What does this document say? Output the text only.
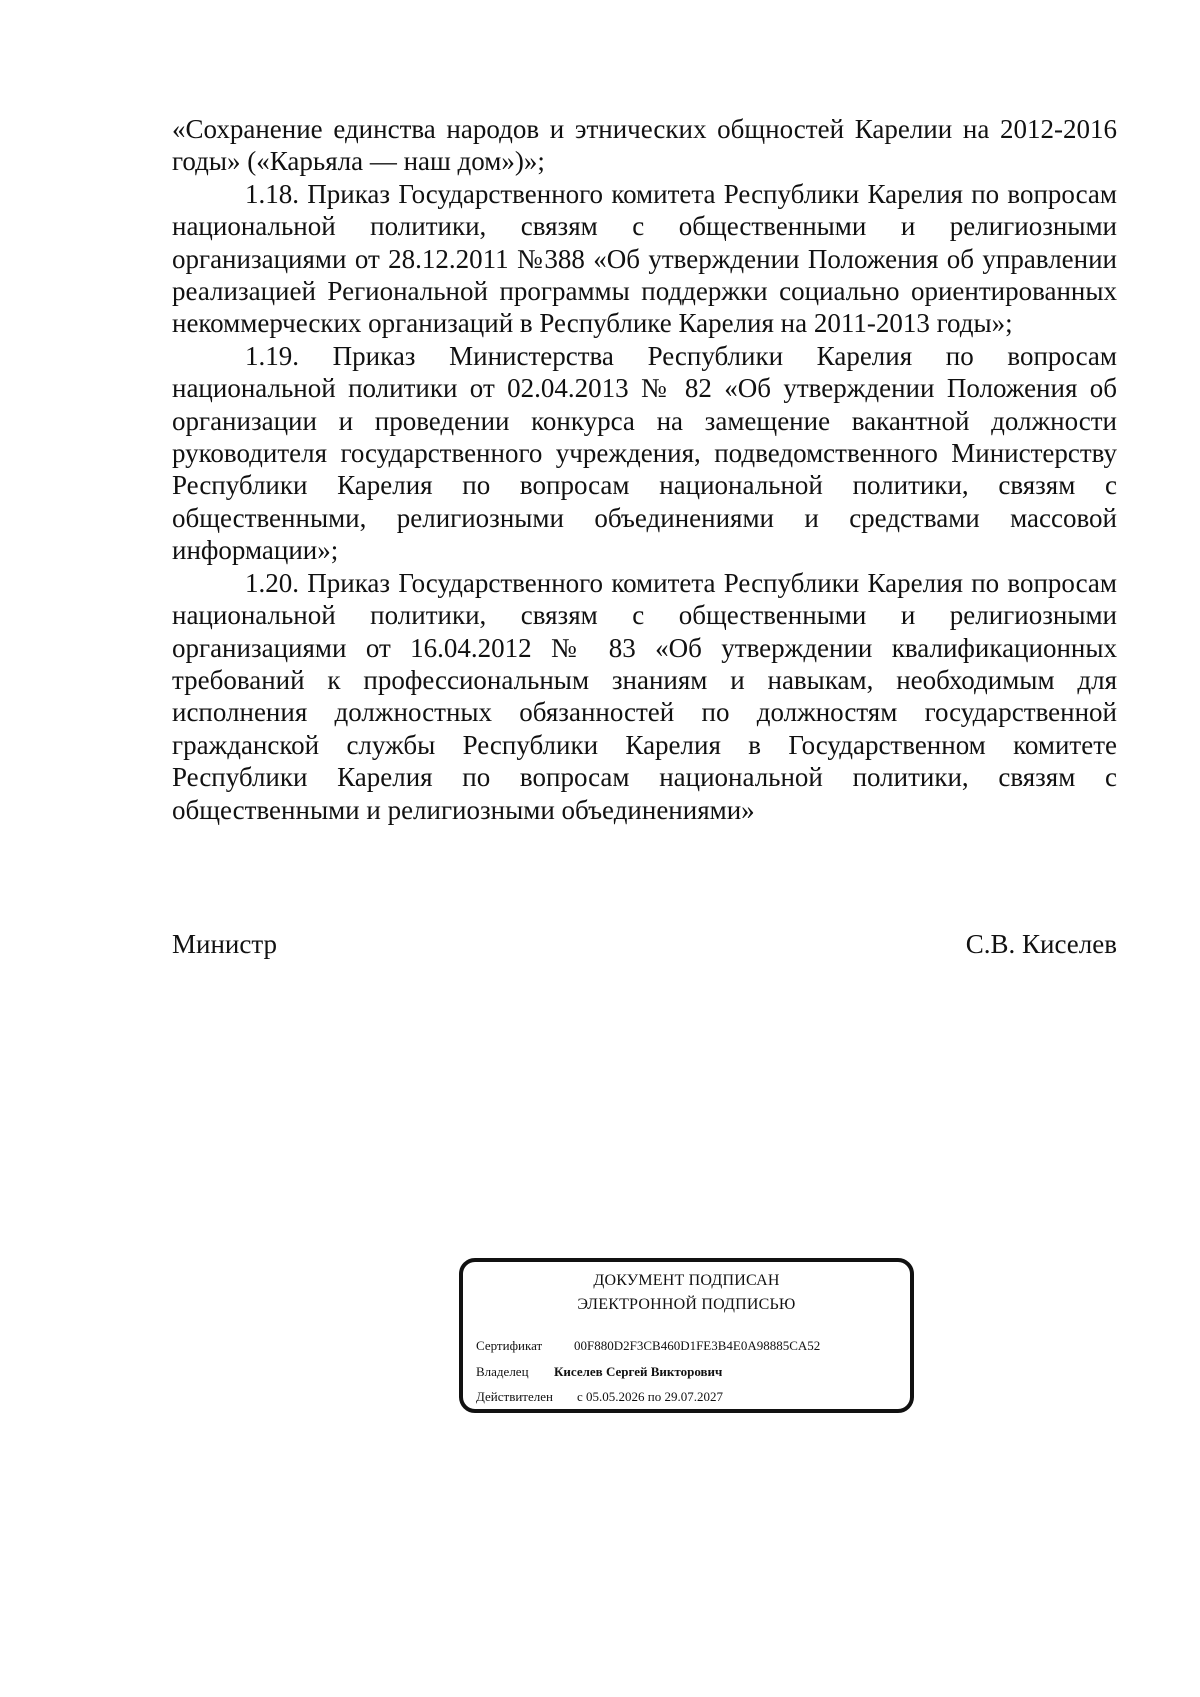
«Сохранение единства народов и этнических общностей Карелии на 2012-2016 годы» («Карьяла — наш дом»)»;

1.18. Приказ Государственного комитета Республики Карелия по вопросам национальной политики, связям с общественными и религиозными организациями от 28.12.2011 №388 «Об утверждении Положения об управлении реализацией Региональной программы поддержки социально ориентированных некоммерческих организаций в Республике Карелия на 2011-2013 годы»;

1.19. Приказ Министерства Республики Карелия по вопросам национальной политики от 02.04.2013 № 82 «Об утверждении Положения об организации и проведении конкурса на замещение вакантной должности руководителя государственного учреждения, подведомственного Министерству Республики Карелия по вопросам национальной политики, связям с общественными, религиозными объединениями и средствами массовой информации»;

1.20. Приказ Государственного комитета Республики Карелия по вопросам национальной политики, связям с общественными и религиозными организациями от 16.04.2012 № 83 «Об утверждении квалификационных требований к профессиональным знаниям и навыкам, необходимым для исполнения должностных обязанностей по должностям государственной гражданской службы Республики Карелия в Государственном комитете Республики Карелия по вопросам национальной политики, связям с общественными и религиозными объединениями»

Министр	С.В. Киселев
ДОКУМЕНТ ПОДПИСАН
ЭЛЕКТРОННОЙ ПОДПИСЬЮ
Сертификат 00F880D2F3CB460D1FE3B4E0A98885CA52
Владелец Киселев Сергей Викторович
Действителен с 05.05.2026 по 29.07.2027
